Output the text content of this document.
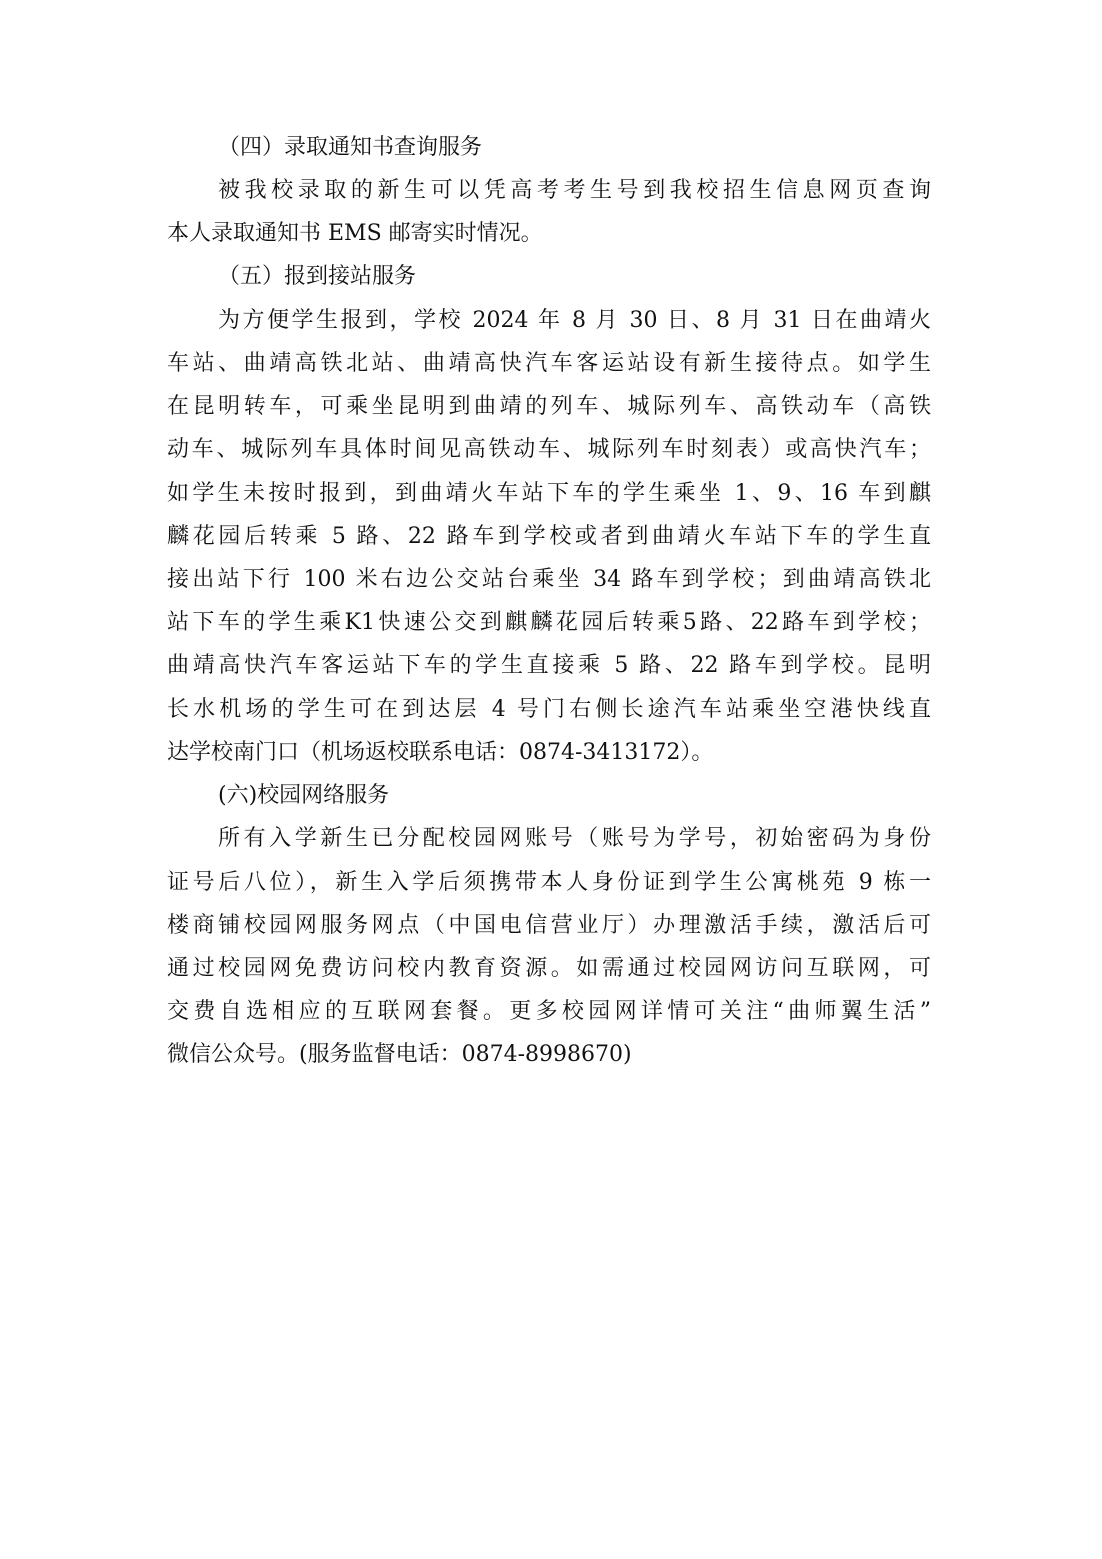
（四）录取通知书查询服务
被我校录取的新生可以凭高考考生号到我校招生信息网页查询
本人录取通知书 EMS 邮寄实时情况。
（五）报到接站服务
为方便学生报到，学校 2024 年 8 月 30 日、8 月 31 日在曲靖火
车站、曲靖高铁北站、曲靖高快汽车客运站设有新生接待点。如学生
在昆明转车，可乘坐昆明到曲靖的列车、城际列车、高铁动车（高铁
动车、城际列车具体时间见高铁动车、城际列车时刻表）或高快汽车；
如学生未按时报到，到曲靖火车站下车的学生乘坐 1、9、16 车到麒
麟花园后转乘 5 路、22 路车到学校或者到曲靖火车站下车的学生直
接出站下行 100 米右边公交站台乘坐 34 路车到学校；到曲靖高铁北
站下车的学生乘K1快速公交到麒麟花园后转乘5路、22路车到学校；
曲靖高快汽车客运站下车的学生直接乘 5 路、22 路车到学校。昆明
长水机场的学生可在到达层 4 号门右侧长途汽车站乘坐空港快线直
达学校南门口（机场返校联系电话：0874-3413172）。
(六)校园网络服务
所有入学新生已分配校园网账号（账号为学号，初始密码为身份
证号后八位），新生入学后须携带本人身份证到学生公寓桃苑 9 栋一
楼商铺校园网服务网点（中国电信营业厅）办理激活手续，激活后可
通过校园网免费访问校内教育资源。如需通过校园网访问互联网，可
交费自选相应的互联网套餐。更多校园网详情可关注“曲师翼生活”
微信公众号。(服务监督电话：0874-8998670)
